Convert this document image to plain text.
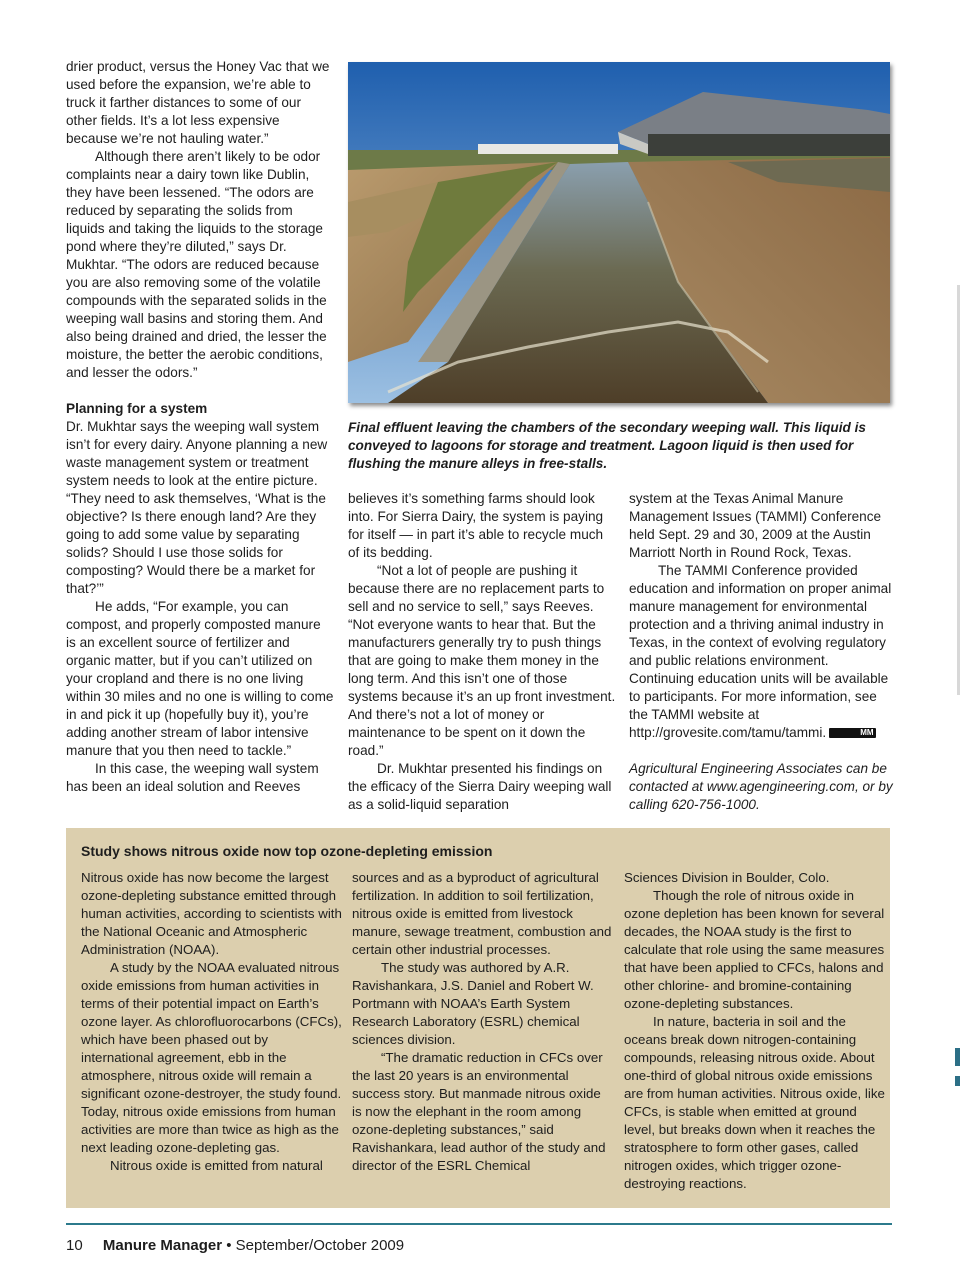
drier product, versus the Honey Vac that we used before the expansion, we’re able to truck it farther distances to some of our other fields. It’s a lot less expensive because we’re not hauling water.”

Although there aren’t likely to be odor complaints near a dairy town like Dublin, they have been lessened. “The odors are reduced by separating the solids from liquids and taking the liquids to the storage pond where they’re diluted,” says Dr. Mukhtar. “The odors are reduced because you are also removing some of the volatile compounds with the separated solids in the weeping wall basins and storing them. And also being drained and dried, the lesser the moisture, the better the aerobic conditions, and lesser the odors.”

Planning for a system

Dr. Mukhtar says the weeping wall system isn’t for every dairy. Anyone planning a new waste management system or treatment system needs to look at the entire picture. “They need to ask themselves, ‘What is the objective? Is there enough land? Are they going to add some value by separating solids? Should I use those solids for composting? Would there be a market for that?’”

He adds, “For example, you can compost, and properly composted manure is an excellent source of fertilizer and organic matter, but if you can’t utilized on your cropland and there is no one living within 30 miles and no one is willing to come in and pick it up (hopefully buy it), you’re adding another stream of labor intensive manure that you then need to tackle.”

In this case, the weeping wall system has been an ideal solution and Reeves

Final effluent leaving the chambers of the secondary weeping wall. This liquid is conveyed to lagoons for storage and treatment. Lagoon liquid is then used for flushing the manure alleys in free-stalls.

believes it’s something farms should look into. For Sierra Dairy, the system is paying for itself — in part it’s able to recycle much of its bedding.

“Not a lot of people are pushing it because there are no replacement parts to sell and no service to sell,” says Reeves. “Not everyone wants to hear that. But the manufacturers generally try to push things that are going to make them money in the long term. And this isn’t one of those systems because it’s an up front investment. And there’s not a lot of money or maintenance to be spent on it down the road.”

Dr. Mukhtar presented his findings on the efficacy of the Sierra Dairy weeping wall as a solid-liquid separation

system at the Texas Animal Manure Management Issues (TAMMI) Conference held Sept. 29 and 30, 2009 at the Austin Marriott North in Round Rock, Texas.

The TAMMI Conference provided education and information on proper animal manure management for environmental protection and a thriving animal industry in Texas, in the context of evolving regulatory and public relations environment. Continuing education units will be available to participants. For more information, see the TAMMI website at http://grovesite.com/tamu/tammi.	MM

Agricultural Engineering Associates can be contacted at www.agengineering.com, or by calling 620-756-1000.

Study shows nitrous oxide now top ozone-depleting emission

Nitrous oxide has now become the largest ozone-depleting substance emitted through human activities, according to scientists with the National Oceanic and Atmospheric Administration (NOAA).

A study by the NOAA evaluated nitrous oxide emissions from human activities in terms of their potential impact on Earth’s ozone layer. As chlorofluorocarbons (CFCs), which have been phased out by international agreement, ebb in the atmosphere, nitrous oxide will remain a significant ozone-destroyer, the study found. Today, nitrous oxide emissions from human activities are more than twice as high as the next leading ozone-depleting gas.

Nitrous oxide is emitted from natural

sources and as a byproduct of agricultural fertilization. In addition to soil fertilization, nitrous oxide is emitted from livestock manure, sewage treatment, combustion and certain other industrial processes.

The study was authored by A.R. Ravishankara, J.S. Daniel and Robert W. Portmann with NOAA’s Earth System Research Laboratory (ESRL) chemical sciences division.

“The dramatic reduction in CFCs over the last 20 years is an environmental success story. But manmade nitrous oxide is now the elephant in the room among ozone-depleting substances,” said Ravishankara, lead author of the study and director of the ESRL Chemical

Sciences Division in Boulder, Colo.

Though the role of nitrous oxide in ozone depletion has been known for several decades, the NOAA study is the first to calculate that role using the same measures that have been applied to CFCs, halons and other chlorine- and bromine-containing ozone-depleting substances.

In nature, bacteria in soil and the oceans break down nitrogen-containing compounds, releasing nitrous oxide. About one-third of global nitrous oxide emissions are from human activities. Nitrous oxide, like CFCs, is stable when emitted at ground level, but breaks down when it reaches the stratosphere to form other gases, called nitrogen oxides, which trigger ozone-destroying reactions.

10 Manure Manager • September/October 2009
